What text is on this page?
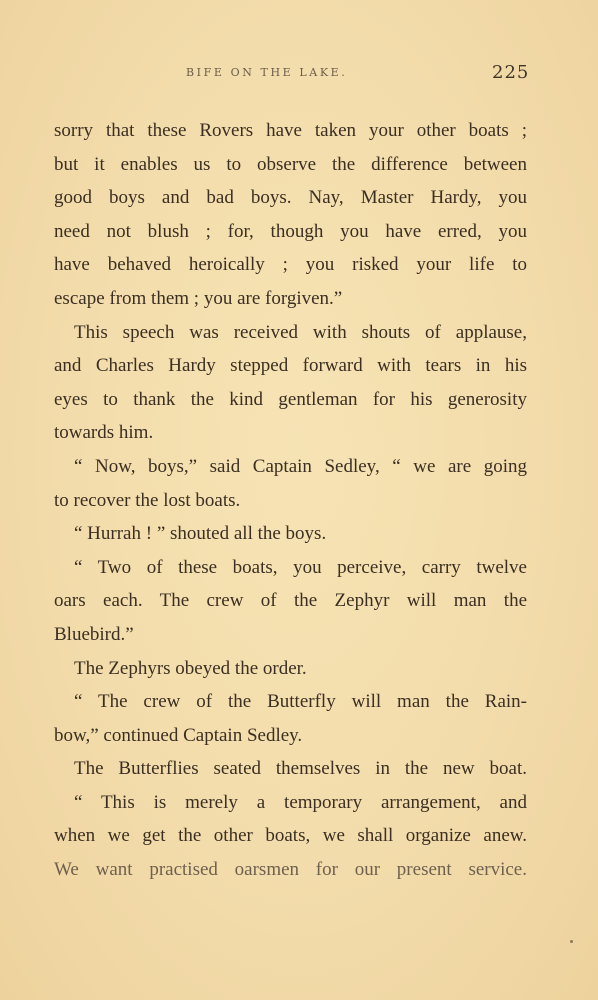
BIFE ON THE LAKE.	225
sorry that these Rovers have taken your other boats ;
but it enables us to observe the difference between
good boys and bad boys. Nay, Master Hardy, you
need not blush ; for, though you have erred, you
have behaved heroically ; you risked your life to
escape from them ; you are forgiven.”
This speech was received with shouts of applause,
and Charles Hardy stepped forward with tears in his
eyes to thank the kind gentleman for his generosity
towards him.
“ Now, boys,” said Captain Sedley, “ we are going
to recover the lost boats.
“ Hurrah ! ” shouted all the boys.
“ Two of these boats, you perceive, carry twelve
oars each. The crew of the Zephyr will man the
Bluebird.”
The Zephyrs obeyed the order.
“ The crew of the Butterfly will man the Rain-
bow,” continued Captain Sedley.
The Butterflies seated themselves in the new boat.
“ This is merely a temporary arrangement, and
when we get the other boats, we shall organize anew.
We want practised oarsmen for our present service.
